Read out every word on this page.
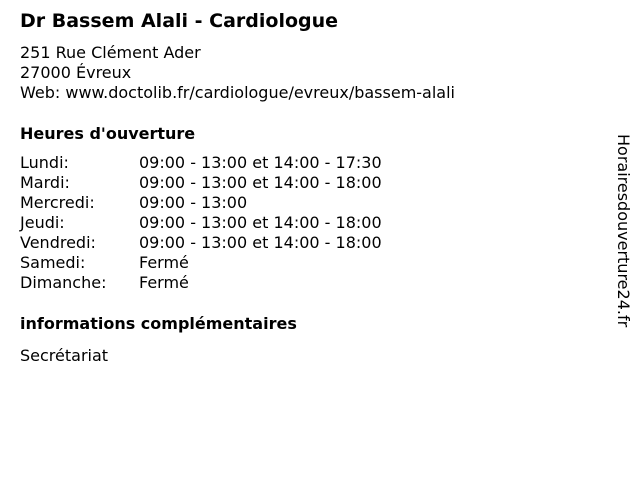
Dr Bassem Alali - Cardiologue
251 Rue Clément Ader
27000 Évreux
Web: www.doctolib.fr/cardiologue/evreux/bassem-alali
Heures d'ouverture
Lundi:	09:00 - 13:00 et 14:00 - 17:30
Mardi:	09:00 - 13:00 et 14:00 - 18:00
Mercredi:	09:00 - 13:00
Jeudi:	09:00 - 13:00 et 14:00 - 18:00
Vendredi:	09:00 - 13:00 et 14:00 - 18:00
Samedi:	Fermé
Dimanche: Fermé
informations complémentaires
Secrétariat
Horairesdouverture24.fr
